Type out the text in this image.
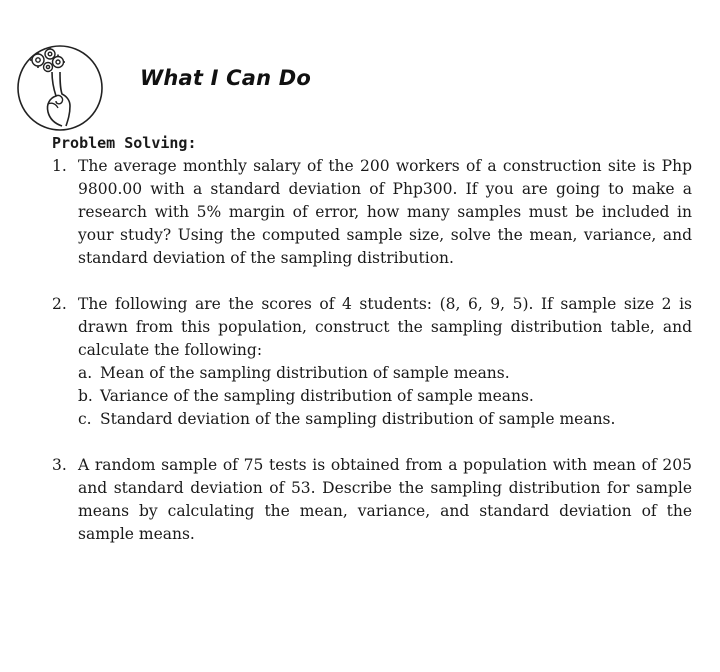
What I Can Do
Problem Solving:
1. The average monthly salary of the 200 workers of a construction site is Php 9800.00 with a standard deviation of Php300. If you are going to make a research with 5% margin of error, how many samples must be included in your study? Using the computed sample size, solve the mean, variance, and standard deviation of the sampling distribution.
2. The following are the scores of 4 students: (8, 6, 9, 5). If sample size 2 is drawn from this population, construct the sampling distribution table, and calculate the following:
a. Mean of the sampling distribution of sample means.
b. Variance of the sampling distribution of sample means.
c. Standard deviation of the sampling distribution of sample means.
3. A random sample of 75 tests is obtained from a population with mean of 205 and standard deviation of 53. Describe the sampling distribution for sample means by calculating the mean, variance, and standard deviation of the sample means.
